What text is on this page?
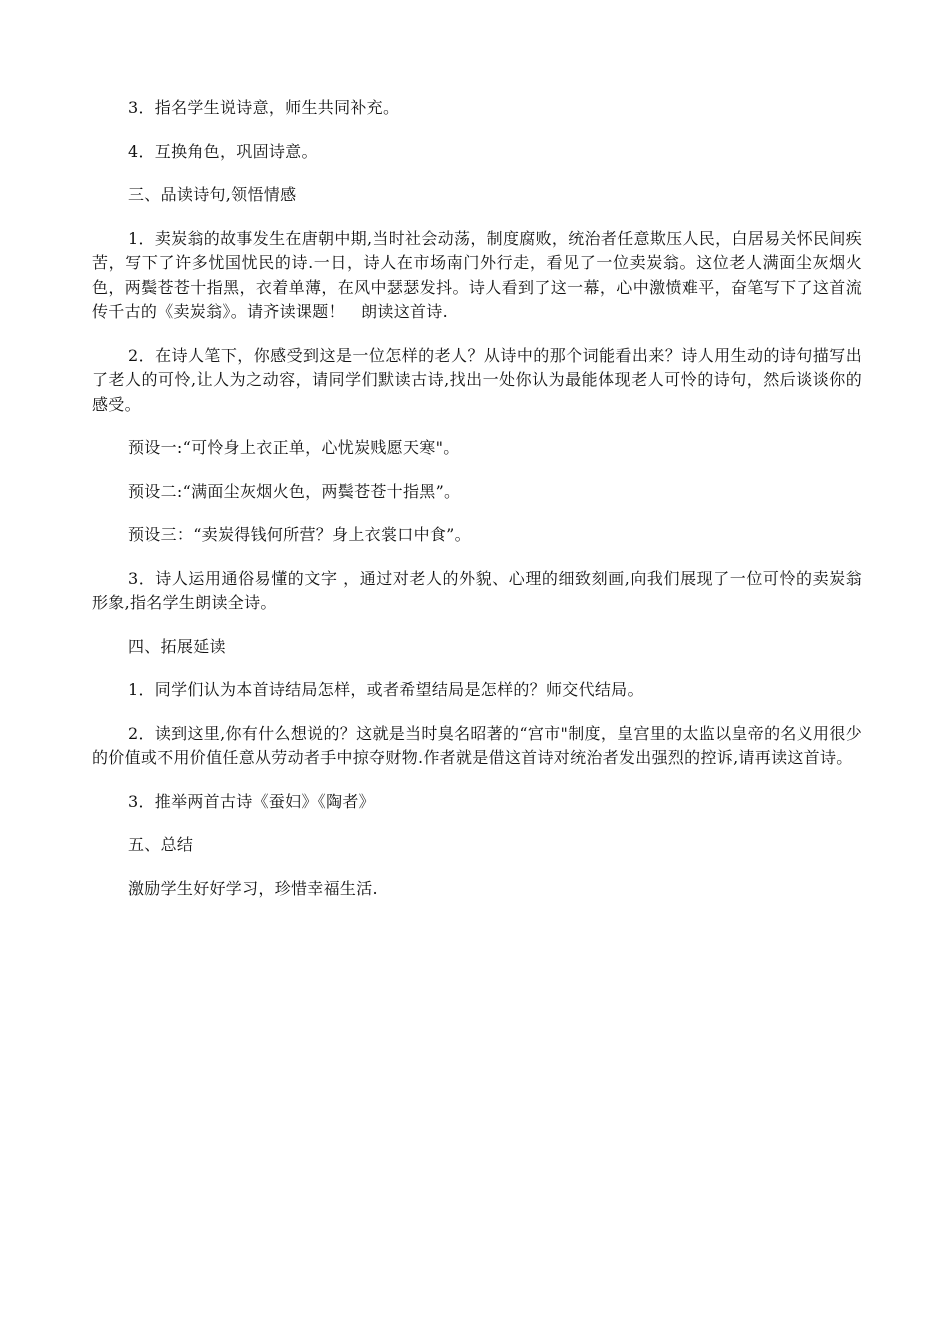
3．指名学生说诗意，师生共同补充。

4．互换角色，巩固诗意。

三、品读诗句,领悟情感

1．卖炭翁的故事发生在唐朝中期,当时社会动荡，制度腐败，统治者任意欺压人民，白居易关怀民间疾苦，写下了许多忧国忧民的诗.一日，诗人在市场南门外行走，看见了一位卖炭翁。这位老人满面尘灰烟火色，两鬓苍苍十指黑，衣着单薄，在风中瑟瑟发抖。诗人看到了这一幕，心中激愤难平，奋笔写下了这首流传千古的《卖炭翁》。请齐读课题！　朗读这首诗.

2．在诗人笔下，你感受到这是一位怎样的老人？从诗中的那个词能看出来？诗人用生动的诗句描写出了老人的可怜,让人为之动容，请同学们默读古诗,找出一处你认为最能体现老人可怜的诗句，然后谈谈你的感受。

预设一:“可怜身上衣正单，心忧炭贱愿天寒"。

预设二:“满面尘灰烟火色，两鬓苍苍十指黑”。

预设三：“卖炭得钱何所营？身上衣裳口中食”。

3．诗人运用通俗易懂的文字 ，通过对老人的外貌、心理的细致刻画,向我们展现了一位可怜的卖炭翁形象,指名学生朗读全诗。

四、拓展延读

1．同学们认为本首诗结局怎样，或者希望结局是怎样的？师交代结局。

2．读到这里,你有什么想说的？这就是当时臭名昭著的“宫市"制度，皇宫里的太监以皇帝的名义用很少的价值或不用价值任意从劳动者手中掠夺财物.作者就是借这首诗对统治者发出强烈的控诉,请再读这首诗。

3．推举两首古诗《蚕妇》《陶者》

五、总结

激励学生好好学习，珍惜幸福生活.
